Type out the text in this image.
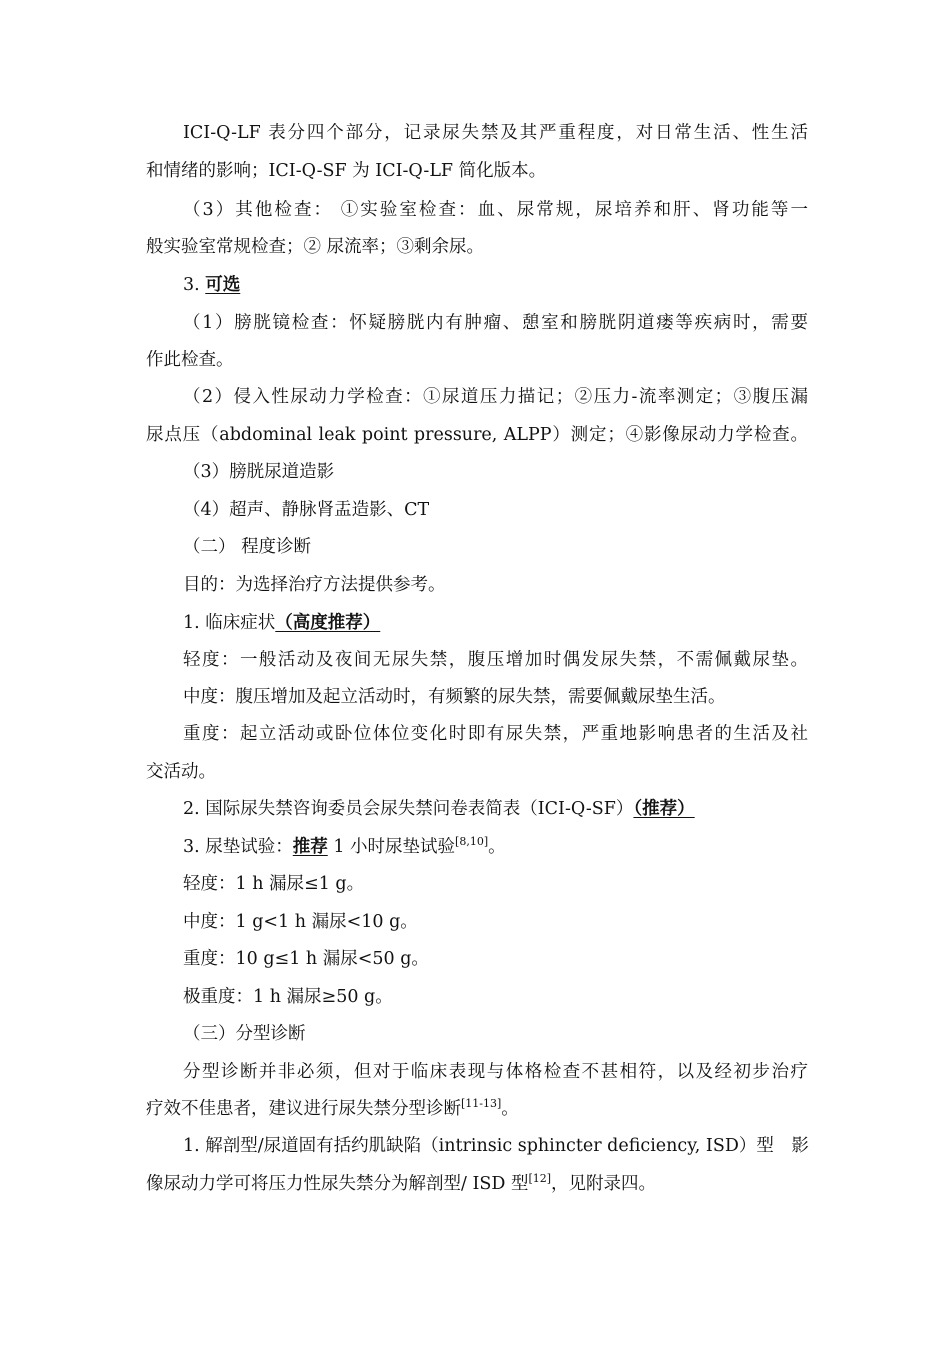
ICI-Q-LF 表分四个部分，记录尿失禁及其严重程度，对日常生活、性生活
和情绪的影响；ICI-Q-SF 为 ICI-Q-LF 简化版本。
（3）其他检查： ①实验室检查：血、尿常规，尿培养和肝、肾功能等一
般实验室常规检查；② 尿流率；③剩余尿。
3. 可选
（1）膀胱镜检查：怀疑膀胱内有肿瘤、憩室和膀胱阴道瘘等疾病时，需要
作此检查。
（2）侵入性尿动力学检查：①尿道压力描记；②压力-流率测定；③腹压漏
尿点压（abdominal leak point pressure, ALPP）测定；④影像尿动力学检查。
（3）膀胱尿道造影
（4）超声、静脉肾盂造影、CT
（二） 程度诊断
目的：为选择治疗方法提供参考。
1. 临床症状（高度推荐）
轻度：一般活动及夜间无尿失禁，腹压增加时偶发尿失禁，不需佩戴尿垫。
中度：腹压增加及起立活动时，有频繁的尿失禁，需要佩戴尿垫生活。
重度：起立活动或卧位体位变化时即有尿失禁，严重地影响患者的生活及社
交活动。
2. 国际尿失禁咨询委员会尿失禁问卷表简表（ICI-Q-SF）（推荐）
3. 尿垫试验：推荐 1 小时尿垫试验[8,10]。
轻度：1 h 漏尿≤1 g。
中度：1 g<1 h 漏尿<10 g。
重度：10 g≤1 h 漏尿<50 g。
极重度：1 h 漏尿≥50 g。
（三）分型诊断
分型诊断并非必须，但对于临床表现与体格检查不甚相符，以及经初步治疗
疗效不佳患者，建议进行尿失禁分型诊断[11-13]。
1. 解剖型/尿道固有括约肌缺陷（intrinsic sphincter deficiency, ISD）型　影
像尿动力学可将压力性尿失禁分为解剖型/ ISD 型[12]，见附录四。
